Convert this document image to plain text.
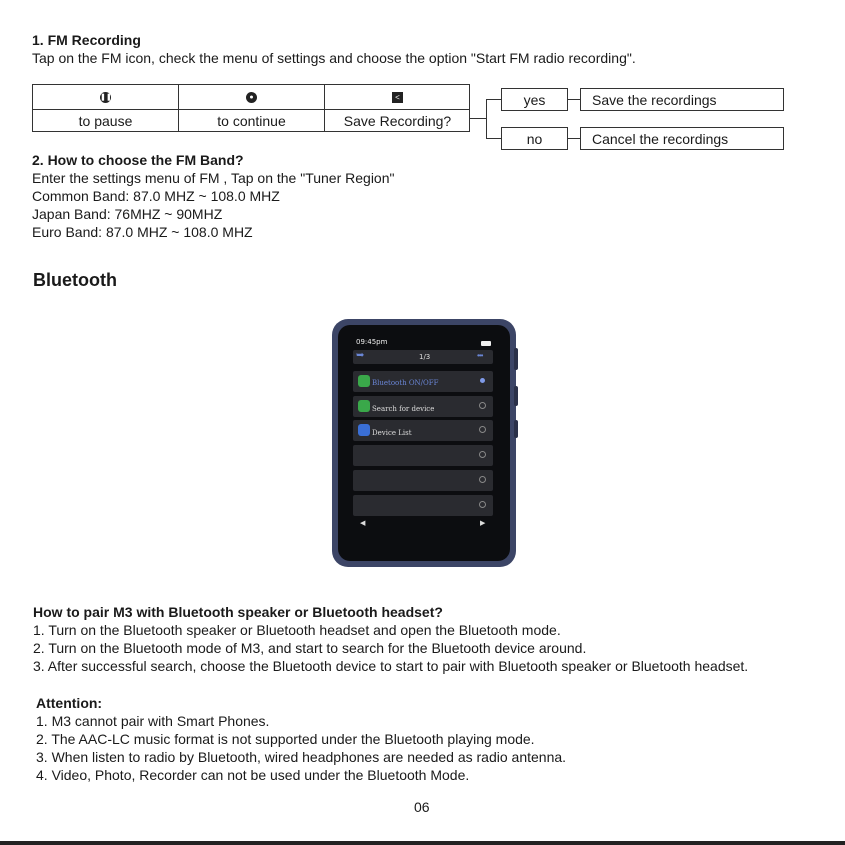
1. FM Recording
Tap on the FM icon, check the menu of settings and choose the option "Start FM radio recording".
❚❚	●	<
to pause	to continue	Save Recording?
yes	Save the recordings
no	Cancel the recordings
2. How to choose the FM Band?
Enter the settings menu of FM , Tap on the "Tuner Region"
Common Band: 87.0 MHZ ~ 108.0 MHZ
Japan Band: 76MHZ ~ 90MHZ
Euro Band: 87.0 MHZ ~ 108.0 MHZ
Bluetooth
09:45pm
➥	1/3	•••
Bluetooth ON/OFF
Search for device
Device List
◀	▶
How to pair M3 with Bluetooth speaker or Bluetooth headset?
1. Turn on the Bluetooth speaker or Bluetooth headset and open the Bluetooth mode.
2. Turn on the Bluetooth mode of M3, and start to search for the Bluetooth device around.
3. After successful search, choose the Bluetooth device to start to pair with Bluetooth speaker or Bluetooth headset.
Attention:
1. M3 cannot pair with Smart Phones.
2. The AAC-LC music format is not supported under the Bluetooth playing mode.
3. When listen to radio by Bluetooth, wired headphones are needed as radio antenna.
4. Video, Photo, Recorder can not be used under the Bluetooth Mode.
06
